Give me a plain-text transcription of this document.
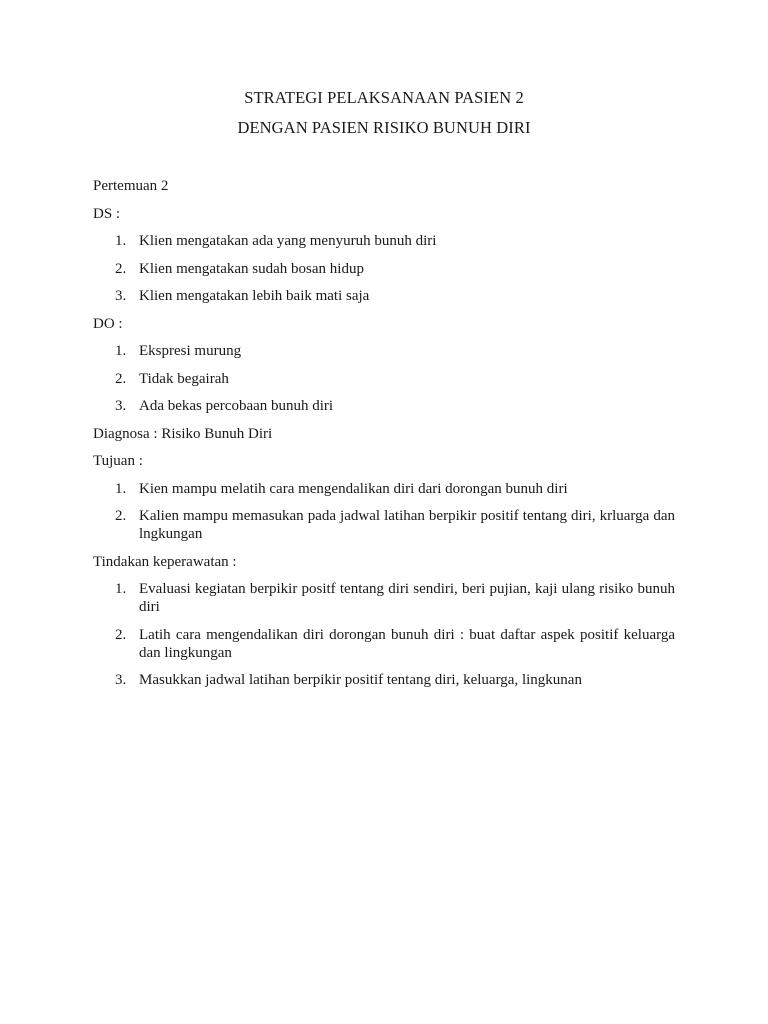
STRATEGI PELAKSANAAN PASIEN 2
DENGAN PASIEN RISIKO BUNUH DIRI

Pertemuan 2

DS :

1. Klien mengatakan ada yang menyuruh bunuh diri
2. Klien mengatakan sudah bosan hidup
3. Klien mengatakan lebih baik mati saja

DO :

1. Ekspresi murung
2. Tidak begairah
3. Ada bekas percobaan bunuh diri

Diagnosa : Risiko Bunuh Diri

Tujuan :

1. Kien mampu melatih cara mengendalikan diri dari dorongan bunuh diri
2. Kalien mampu memasukan pada jadwal latihan berpikir positif tentang diri, krluarga dan lngkungan

Tindakan keperawatan :

1. Evaluasi kegiatan berpikir positf tentang diri sendiri, beri pujian, kaji ulang risiko bunuh diri
2. Latih cara mengendalikan diri dorongan bunuh diri : buat daftar aspek positif keluarga dan lingkungan
3. Masukkan jadwal latihan berpikir positif tentang diri, keluarga, lingkunan
